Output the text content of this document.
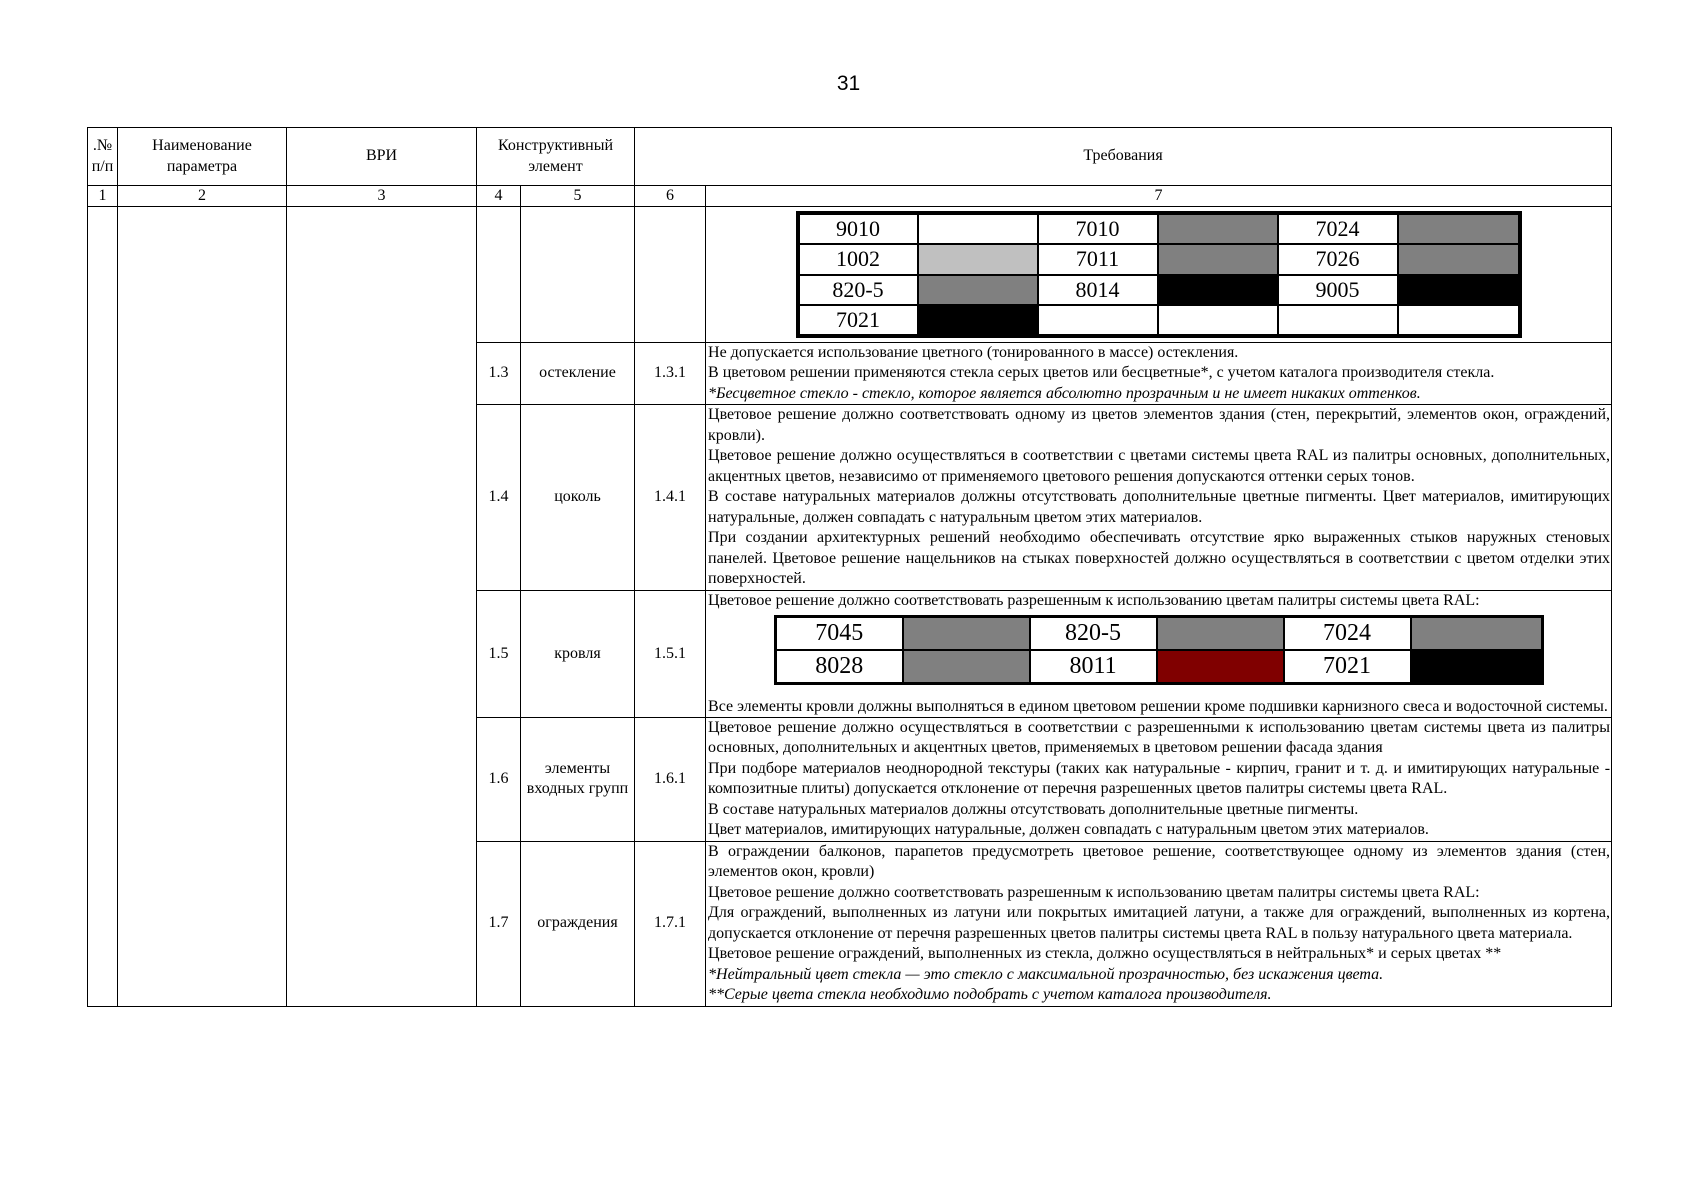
31
.№ п/п	Наименование параметра	ВРИ	Конструктивный элемент	Требования
1	2	3	4	5	6	7

9010		7010		7024	
1002		7011		7026	
820-5		8014		9005	
7021					

1.3	остекление	1.3.1	

Не допускается использование цветного (тонированного в массе) остекления.

В цветовом решении применяются стекла серых цветов или бесцветные*, с учетом каталога производителя стекла.

*Бесцветное стекло - стекло, которое является абсолютно прозрачным и не имеет никаких оттенков.

1.4	цоколь	1.4.1	

Цветовое решение должно соответствовать одному из цветов элементов здания (стен, перекрытий, элементов окон, ограждений, кровли).

Цветовое решение должно осуществляться в соответствии с цветами системы цвета RAL из палитры основных, дополнительных, акцентных цветов, независимо от применяемого цветового решения допускаются оттенки серых тонов.

В составе натуральных материалов должны отсутствовать дополнительные цветные пигменты. Цвет материалов, имитирующих натуральные, должен совпадать с натуральным цветом этих материалов.

При создании архитектурных решений необходимо обеспечивать отсутствие ярко выраженных стыков наружных стеновых панелей. Цветовое решение нащельников на стыках поверхностей должно осуществляться в соответствии с цветом отделки этих поверхностей.

1.5	кровля	1.5.1	

Цветовое решение должно соответствовать разрешенным к использованию цветам палитры системы цвета RAL:

7045		820-5		7024	
8028		8011		7021	

Все элементы кровли должны выполняться в едином цветовом решении кроме подшивки карнизного свеса и водосточной системы.

1.6	элементы входных групп	1.6.1	

Цветовое решение должно осуществляться в соответствии с разрешенными к использованию цветам системы цвета из палитры основных, дополнительных и акцентных цветов, применяемых в цветовом решении фасада здания

При подборе материалов неоднородной текстуры (таких как натуральные - кирпич, гранит и т. д. и имитирующих натуральные - композитные плиты) допускается отклонение от перечня разрешенных цветов палитры системы цвета RAL.

В составе натуральных материалов должны отсутствовать дополнительные цветные пигменты.

Цвет материалов, имитирующих натуральные, должен совпадать с натуральным цветом этих материалов.

1.7	ограждения	1.7.1	

В ограждении балконов, парапетов предусмотреть цветовое решение, соответствующее одному из элементов здания (стен, элементов окон, кровли)

Цветовое решение должно соответствовать разрешенным к использованию цветам палитры системы цвета RAL:

Для ограждений, выполненных из латуни или покрытых имитацией латуни, а также для ограждений, выполненных из кортена, допускается отклонение от перечня разрешенных цветов палитры системы цвета RAL в пользу натурального цвета материала.

Цветовое решение ограждений, выполненных из стекла, должно осуществляться в нейтральных* и серых цветах **

*Нейтральный цвет стекла — это стекло с максимальной прозрачностью, без искажения цвета.

**Серые цвета стекла необходимо подобрать с учетом каталога производителя.
